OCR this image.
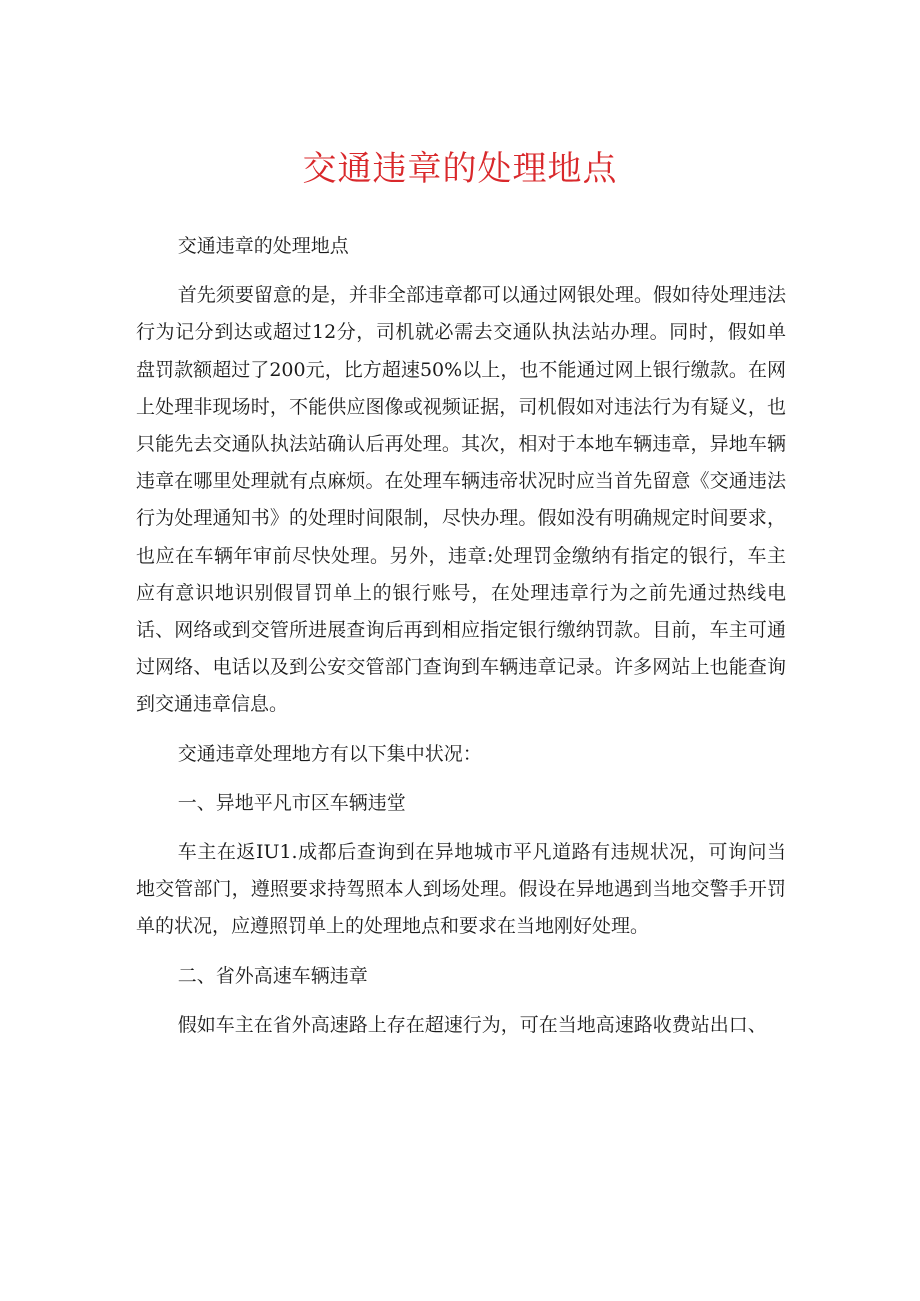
交通违章的处理地点

交通违章的处理地点

首先须要留意的是，并非全部违章都可以通过网银处理。假如待处理违法行为记分到达或超过12分，司机就必需去交通队执法站办理。同时，假如单盘罚款额超过了200元，比方超速50%以上，也不能通过网上银行缴款。在网上处理非现场时，不能供应图像或视频证据，司机假如对违法行为有疑义，也只能先去交通队执法站确认后再处理。其次，相对于本地车辆违章，异地车辆违章在哪里处理就有点麻烦。在处理车辆违帝状况时应当首先留意《交通违法行为处理通知书》的处理时间限制，尽快办理。假如没有明确规定时间要求，也应在车辆年审前尽快处理。另外，违章:处理罚金缴纳有指定的银行，车主应有意识地识别假冒罚单上的银行账号，在处理违章行为之前先通过热线电话、网络或到交管所进展查询后再到相应指定银行缴纳罚款。目前，车主可通过网络、电话以及到公安交管部门查询到车辆违章记录。许多网站上也能查询到交通违章信息。

交通违章处理地方有以下集中状况：

一、异地平凡市区车辆违堂

车主在返IU1.成都后查询到在异地城市平凡道路有违规状况，可询问当地交管部门，遵照要求持驾照本人到场处理。假设在异地遇到当地交警手开罚单的状况，应遵照罚单上的处理地点和要求在当地刚好处理。

二、省外高速车辆违章

假如车主在省外高速路上存在超速行为，可在当地高速路收费站出口、
